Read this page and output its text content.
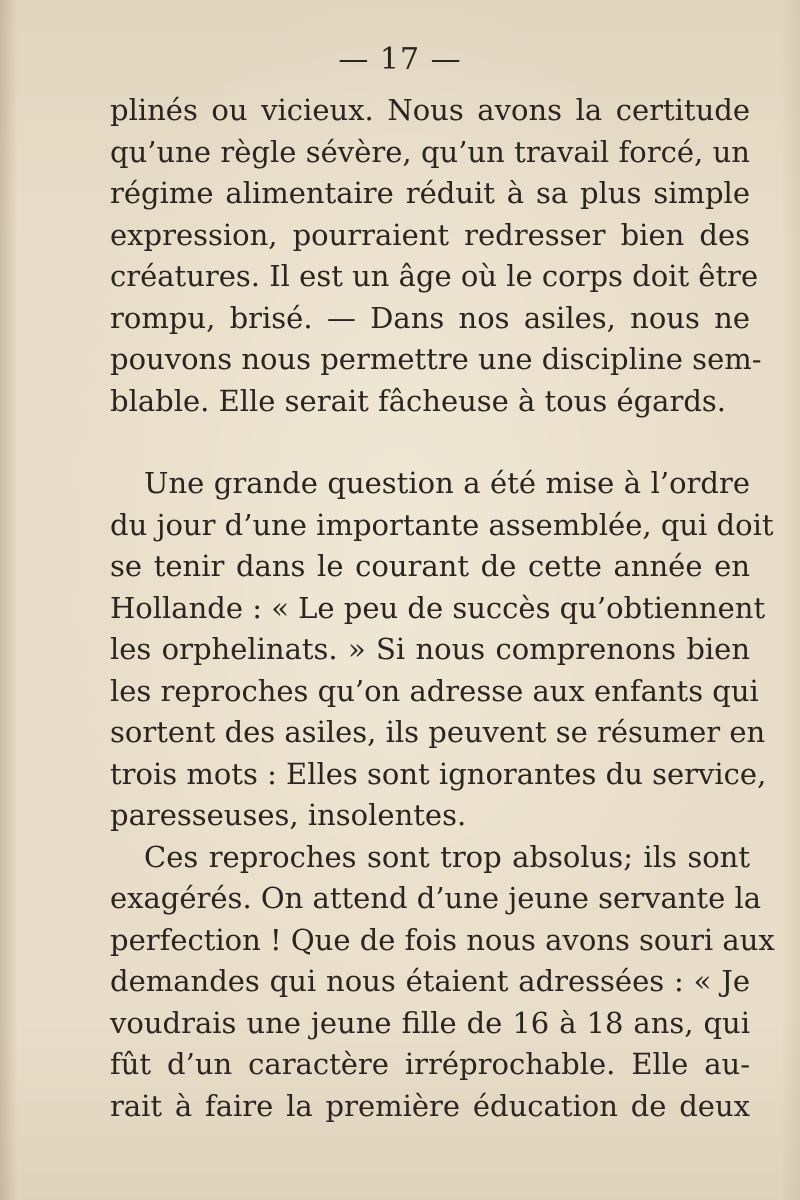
— 17 —
plinés ou vicieux. Nous avons la certitude
qu’une règle sévère, qu’un travail forcé, un
régime alimentaire réduit à sa plus simple
expression, pourraient redresser bien des
créatures. Il est un âge où le corps doit être
rompu, brisé. — Dans nos asiles, nous ne
pouvons nous permettre une discipline sem-
blable. Elle serait fâcheuse à tous égards.
Une grande question a été mise à l’ordre
du jour d’une importante assemblée, qui doit
se tenir dans le courant de cette année en
Hollande : « Le peu de succès qu’obtiennent
les orphelinats. » Si nous comprenons bien
les reproches qu’on adresse aux enfants qui
sortent des asiles, ils peuvent se résumer en
trois mots : Elles sont ignorantes du service,
paresseuses, insolentes.
Ces reproches sont trop absolus; ils sont
exagérés. On attend d’une jeune servante la
perfection ! Que de fois nous avons souri aux
demandes qui nous étaient adressées : « Je
voudrais une jeune fille de 16 à 18 ans, qui
fût d’un caractère irréprochable. Elle au-
rait à faire la première éducation de deux
